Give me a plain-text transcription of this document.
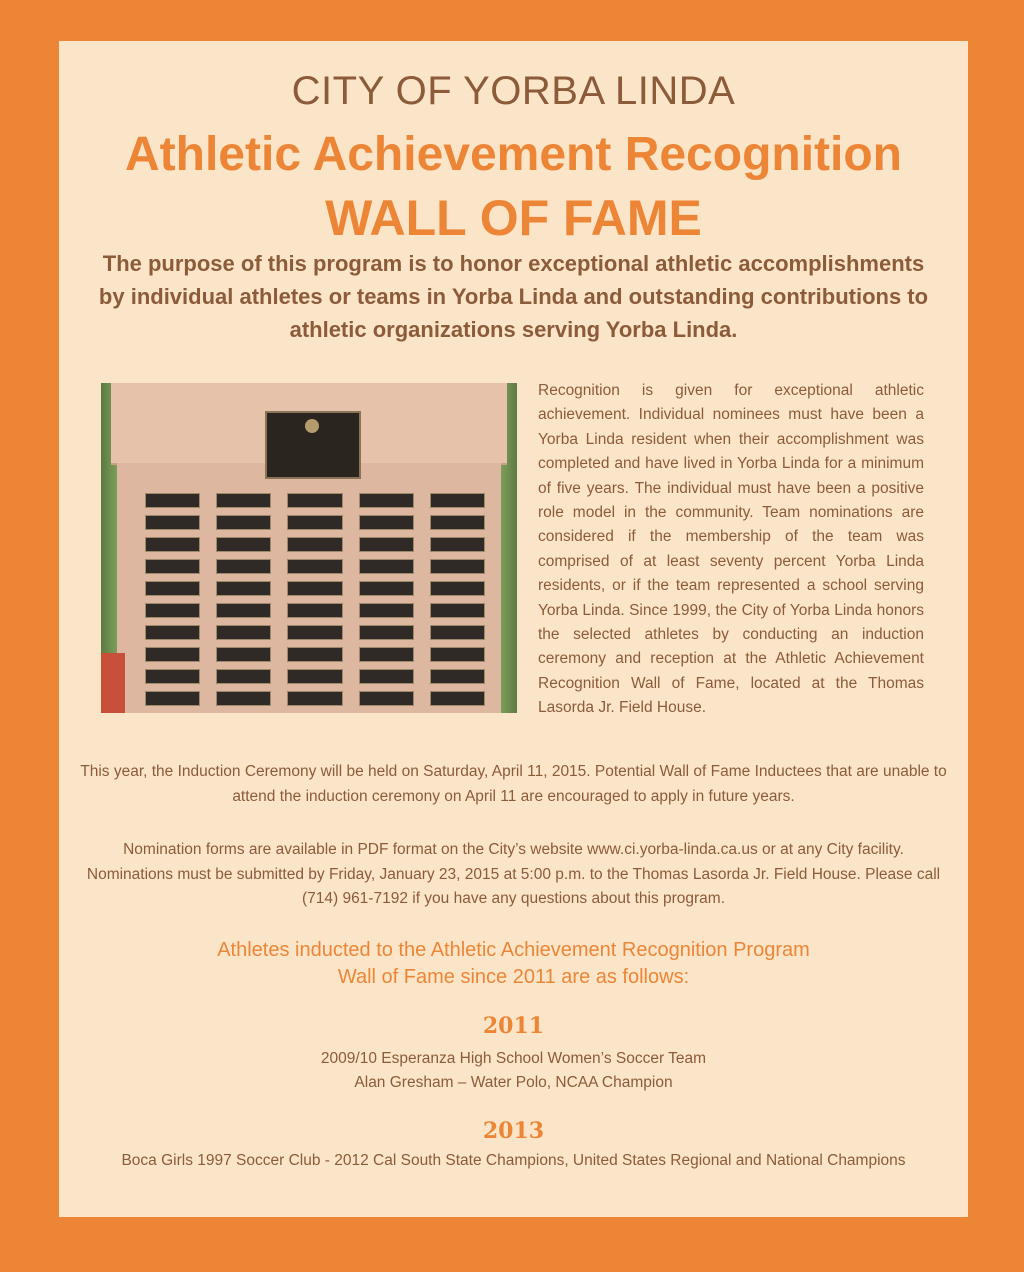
CITY OF YORBA LINDA
Athletic Achievement Recognition
WALL OF FAME
The purpose of this program is to honor exceptional athletic accomplishments by individual athletes or teams in Yorba Linda and outstanding contributions to athletic organizations serving Yorba Linda.
Recognition is given for exceptional athletic achievement. Individual nominees must have been a Yorba Linda resident when their accomplishment was completed and have lived in Yorba Linda for a minimum of five years. The individual must have been a positive role model in the community. Team nominations are considered if the membership of the team was comprised of at least seventy percent Yorba Linda residents, or if the team represented a school serving Yorba Linda. Since 1999, the City of Yorba Linda honors the selected athletes by conducting an induction ceremony and reception at the Athletic Achievement Recognition Wall of Fame, located at the Thomas Lasorda Jr. Field House.
This year, the Induction Ceremony will be held on Saturday, April 11, 2015. Potential Wall of Fame Inductees that are unable to attend the induction ceremony on April 11 are encouraged to apply in future years.
Nomination forms are available in PDF format on the City’s website www.ci.yorba-linda.ca.us or at any City facility. Nominations must be submitted by Friday, January 23, 2015 at 5:00 p.m. to the Thomas Lasorda Jr. Field House. Please call (714) 961-7192 if you have any questions about this program.
Athletes inducted to the Athletic Achievement Recognition Program
Wall of Fame since 2011 are as follows:
2011
2009/10 Esperanza High School Women’s Soccer Team
Alan Gresham – Water Polo, NCAA Champion
2013
Boca Girls 1997 Soccer Club - 2012 Cal South State Champions, United States Regional and National Champions
